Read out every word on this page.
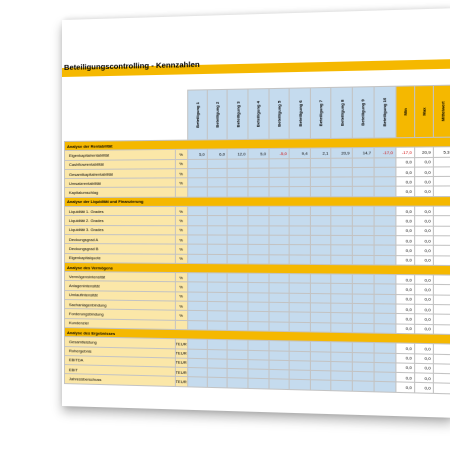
Beteiligungscontrolling - Kennzahlen

		Beteiligung 1	Beteiligung 2	Beteiligung 3	Beteiligung 4	Beteiligung 5	Beteiligung 6	Beteiligung 7	Beteiligung 8	Beteiligung 9	Beteiligung 10	Min	Max	Mittelwert

Analyse der Rentabilität														
Eigenkapitalrentabilität	%	5,0	6,0	12,0	5,0	-5,0	9,4	2,1	20,9	14,7	-17,0	-17,0	20,9	5,3
Cashflowrentabilität	%											0,0	0,0	
Gesamtkapitalrentabilität	%											0,0	0,0	
Umsatzrentabilität	%											0,0	0,0	
Kapitalumschlag												0,0	0,0	
Analyse der Liquidität und Finanzierung														
Liquidität 1. Grades	%											0,0	0,0	
Liquidität 2. Grades	%											0,0	0,0	
Liquidität 3. Grades	%											0,0	0,0	
Deckungsgrad A	%											0,0	0,0	
Deckungsgrad B	%											0,0	0,0	
Eigenkapitalquote	%											0,0	0,0	
Analyse des Vermögens														
Vermögensintensität	%											0,0	0,0	
Anlagenintensität	%											0,0	0,0	
Umlaufintensität	%											0,0	0,0	
Sachanlagenbindung	%											0,0	0,0	
Forderungsbindung	%											0,0	0,0	
Kundenziel												0,0	0,0	
Analyse des Ergebnisses														
Gesamtleistung	TEUR											0,0	0,0	
Rohergebnis	TEUR											0,0	0,0	
EBITDA	TEUR											0,0	0,0	
EBIT	TEUR											0,0	0,0	
Jahresüberschuss	TEUR											0,0	0,0	
